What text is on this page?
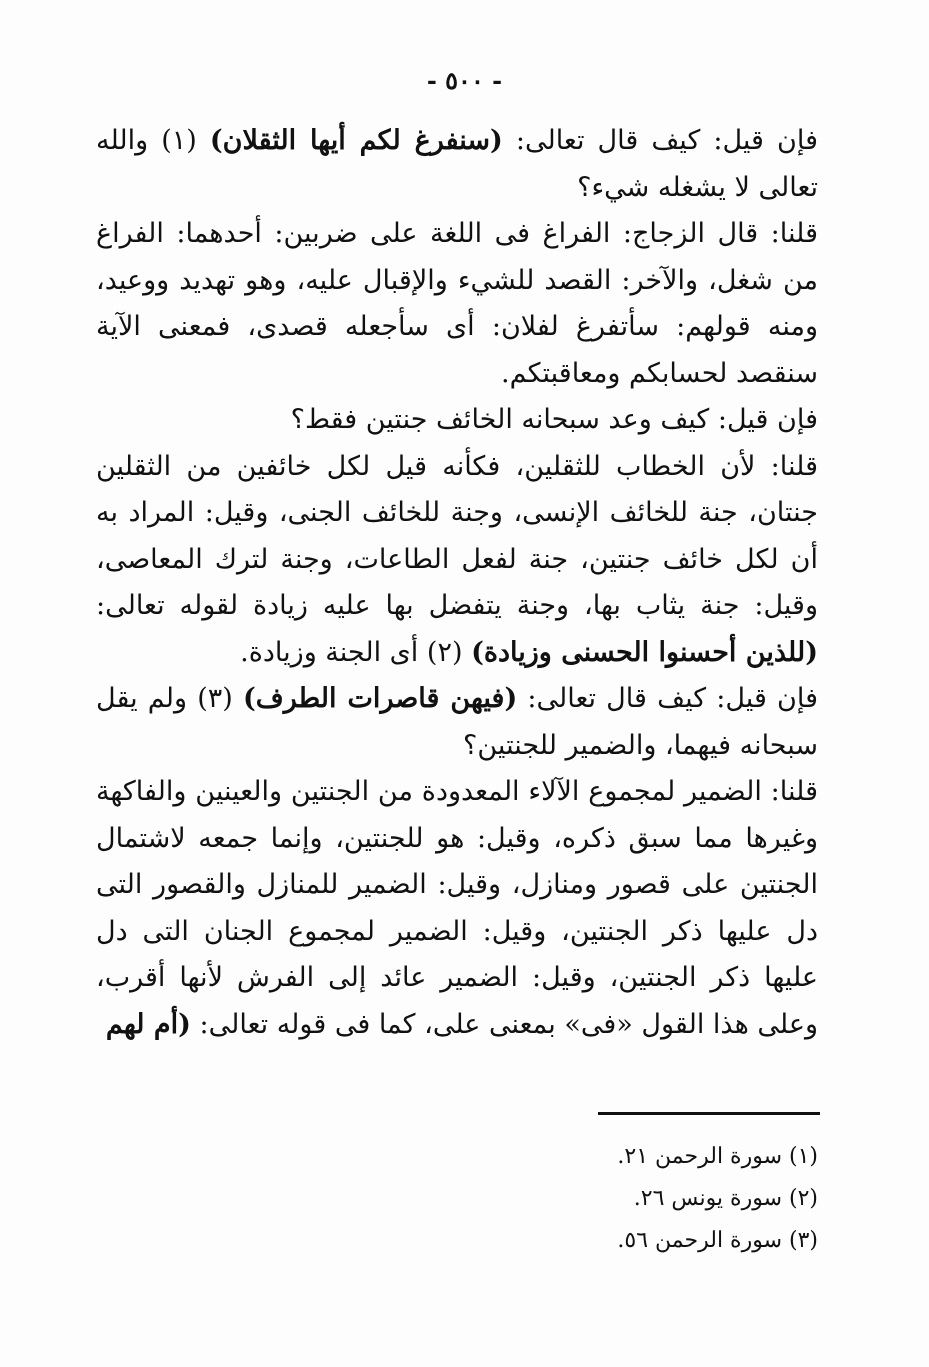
- ٥٠٠ -

فإن قيل: كيف قال تعالى: (سنفرغ لكم أيها الثقلان) (١) والله تعالى لا يشغله شيء؟

قلنا: قال الزجاج: الفراغ فى اللغة على ضربين: أحدهما: الفراغ من شغل، والآخر: القصد للشيء والإقبال عليه، وهو تهديد ووعيد، ومنه قولهم: سأتفرغ لفلان: أى سأجعله قصدى، فمعنى الآية سنقصد لحسابكم ومعاقبتكم.

فإن قيل: كيف وعد سبحانه الخائف جنتين فقط؟

قلنا: لأن الخطاب للثقلين، فكأنه قيل لكل خائفين من الثقلين جنتان، جنة للخائف الإنسى، وجنة للخائف الجنى، وقيل: المراد به أن لكل خائف جنتين، جنة لفعل الطاعات، وجنة لترك المعاصى، وقيل: جنة يثاب بها، وجنة يتفضل بها عليه زيادة لقوله تعالى: (للذين أحسنوا الحسنى وزيادة) (٢) أى الجنة وزيادة.

فإن قيل: كيف قال تعالى: (فيهن قاصرات الطرف) (٣) ولم يقل سبحانه فيهما، والضمير للجنتين؟

قلنا: الضمير لمجموع الآلاء المعدودة من الجنتين والعينين والفاكهة وغيرها مما سبق ذكره، وقيل: هو للجنتين، وإنما جمعه لاشتمال الجنتين على قصور ومنازل، وقيل: الضمير للمنازل والقصور التى دل عليها ذكر الجنتين، وقيل: الضمير لمجموع الجنان التى دل عليها ذكر الجنتين، وقيل: الضمير عائد إلى الفرش لأنها أقرب، وعلى هذا القول «فى» بمعنى على، كما فى قوله تعالى: (أم لهم

(١) سورة الرحمن ٢١.
(٢) سورة يونس ٢٦.
(٣) سورة الرحمن ٥٦.
